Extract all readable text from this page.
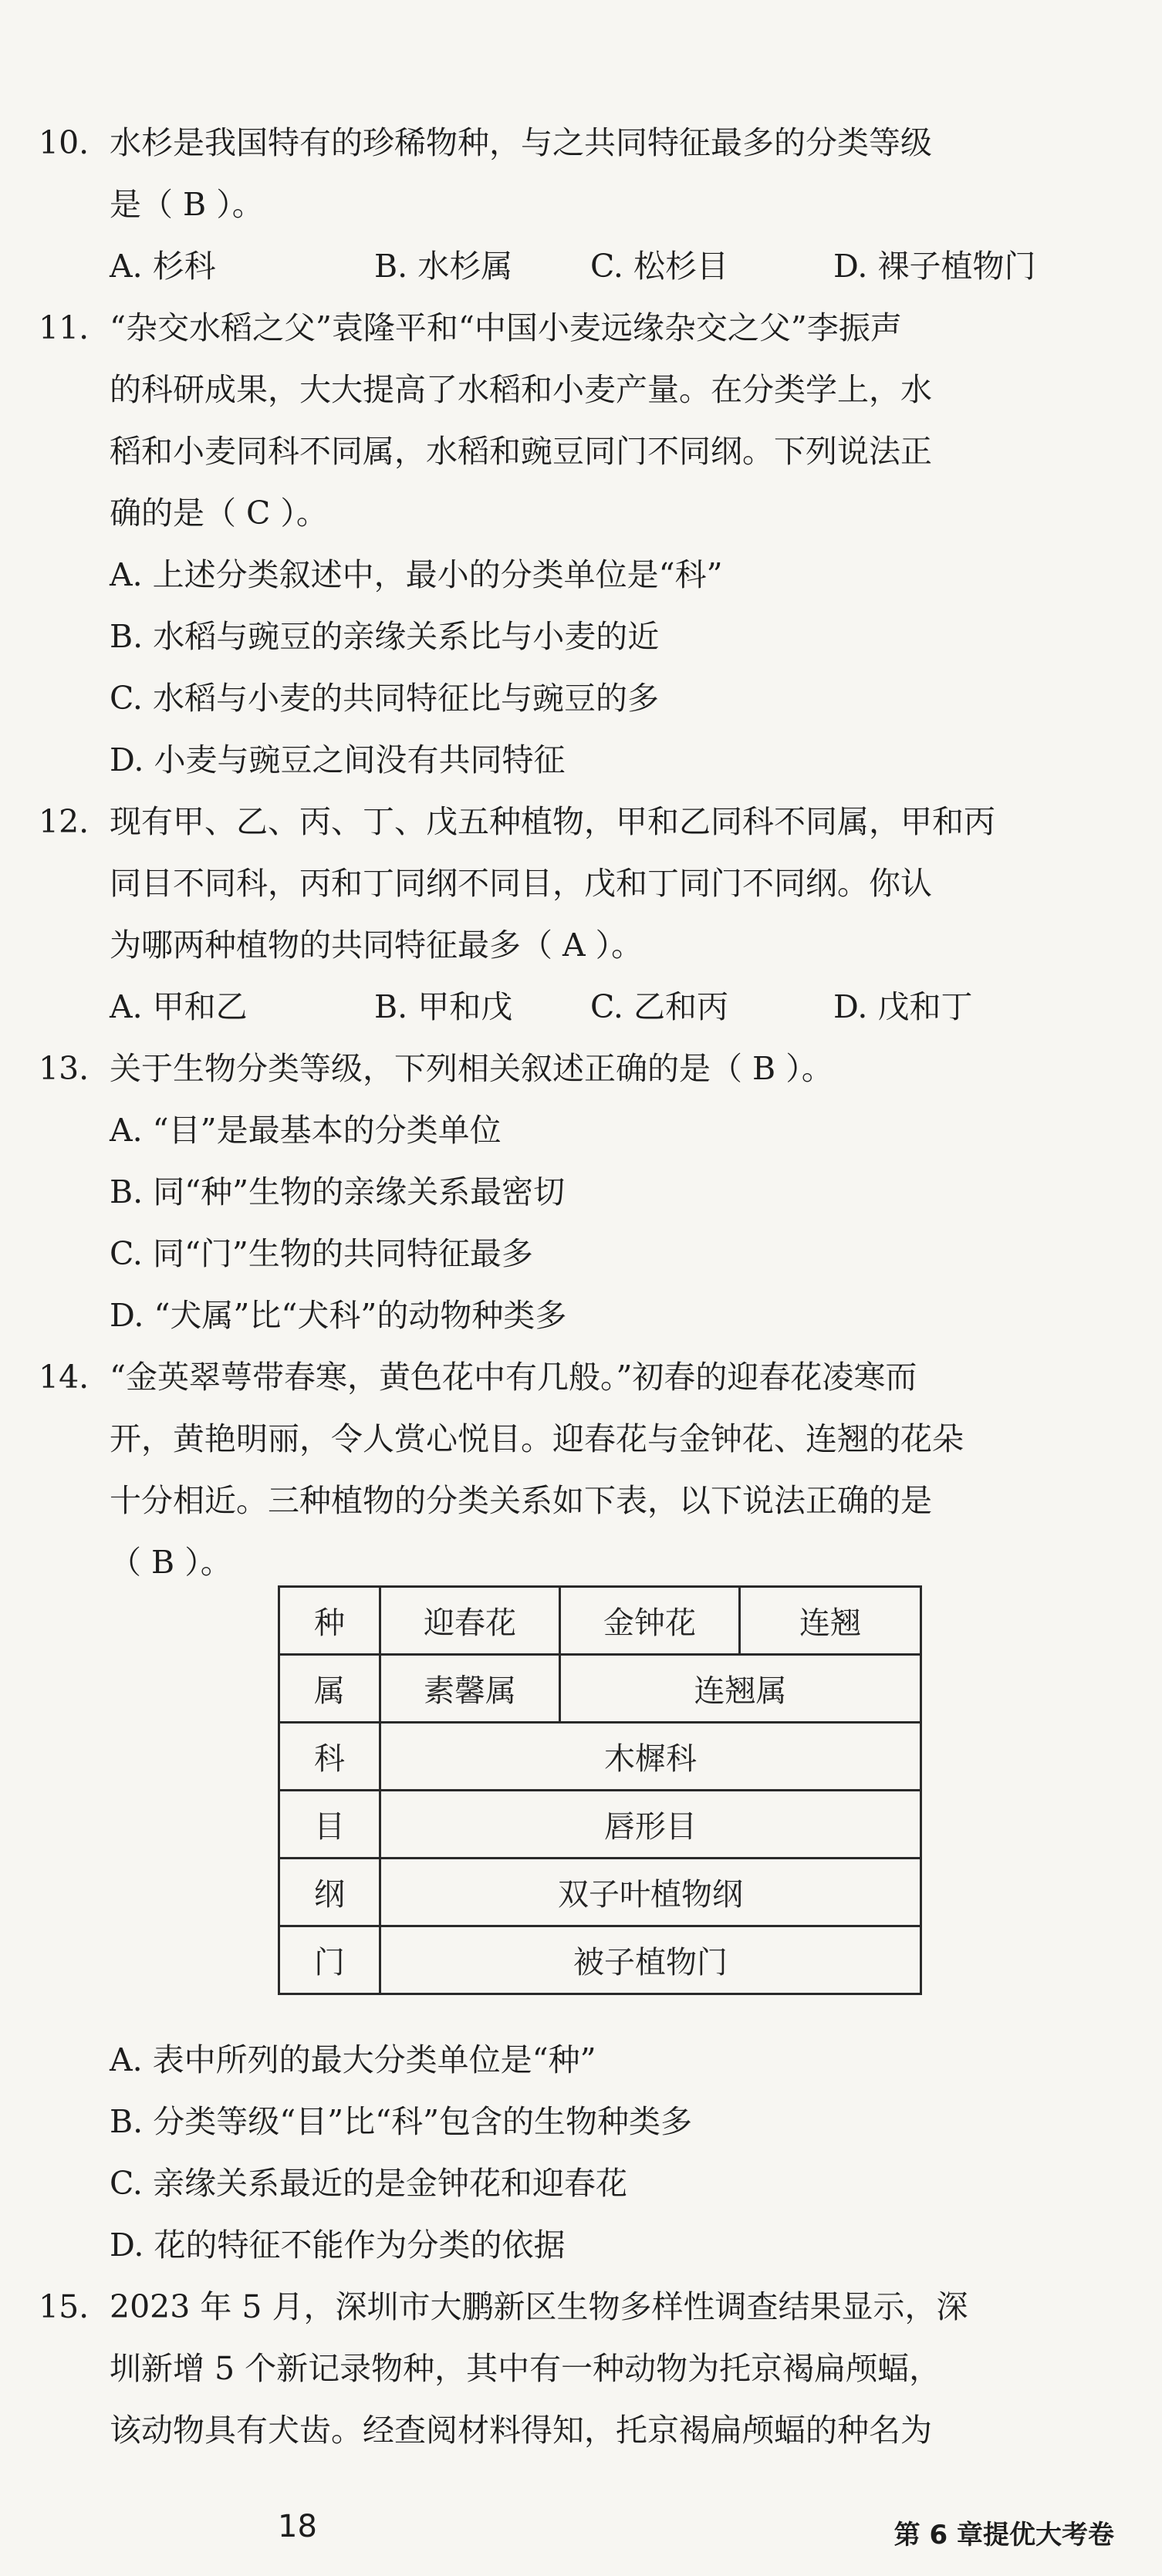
10. 水杉是我国特有的珍稀物种，与之共同特征最多的分类等级
是（ B ）。
A. 杉科	B. 水杉属 C. 松杉目	D. 裸子植物门
11. “杂交水稻之父”袁隆平和“中国小麦远缘杂交之父”李振声
的科研成果，大大提高了水稻和小麦产量。在分类学上，水
稻和小麦同科不同属，水稻和豌豆同门不同纲。下列说法正
确的是（ C ）。
A. 上述分类叙述中，最小的分类单位是“科”
B. 水稻与豌豆的亲缘关系比与小麦的近
C. 水稻与小麦的共同特征比与豌豆的多
D. 小麦与豌豆之间没有共同特征
12. 现有甲、乙、丙、丁、戊五种植物，甲和乙同科不同属，甲和丙
同目不同科，丙和丁同纲不同目，戊和丁同门不同纲。你认
为哪两种植物的共同特征最多（ A ）。
A. 甲和乙	B. 甲和戊 C. 乙和丙	D. 戊和丁
13. 关于生物分类等级，下列相关叙述正确的是（ B ）。
A. “目”是最基本的分类单位
B. 同“种”生物的亲缘关系最密切
C. 同“门”生物的共同特征最多
D. “犬属”比“犬科”的动物种类多
14. “金英翠萼带春寒，黄色花中有几般。”初春的迎春花凌寒而
开，黄艳明丽，令人赏心悦目。迎春花与金钟花、连翘的花朵
十分相近。三种植物的分类关系如下表，以下说法正确的是
（ B ）。
种	迎春花	金钟花	连翘
属	素馨属	连翘属	
科	木樨科		
目	唇形目		
纲	双子叶植物纲		
门	被子植物门		
A. 表中所列的最大分类单位是“种”
B. 分类等级“目”比“科”包含的生物种类多
C. 亲缘关系最近的是金钟花和迎春花
D. 花的特征不能作为分类的依据
15. 2023 年 5 月，深圳市大鹏新区生物多样性调查结果显示，深
圳新增 5 个新记录物种，其中有一种动物为托京褐扁颅蝠，
该动物具有犬齿。经查阅材料得知，托京褐扁颅蝠的种名为
18	第 6 章提优大考卷
